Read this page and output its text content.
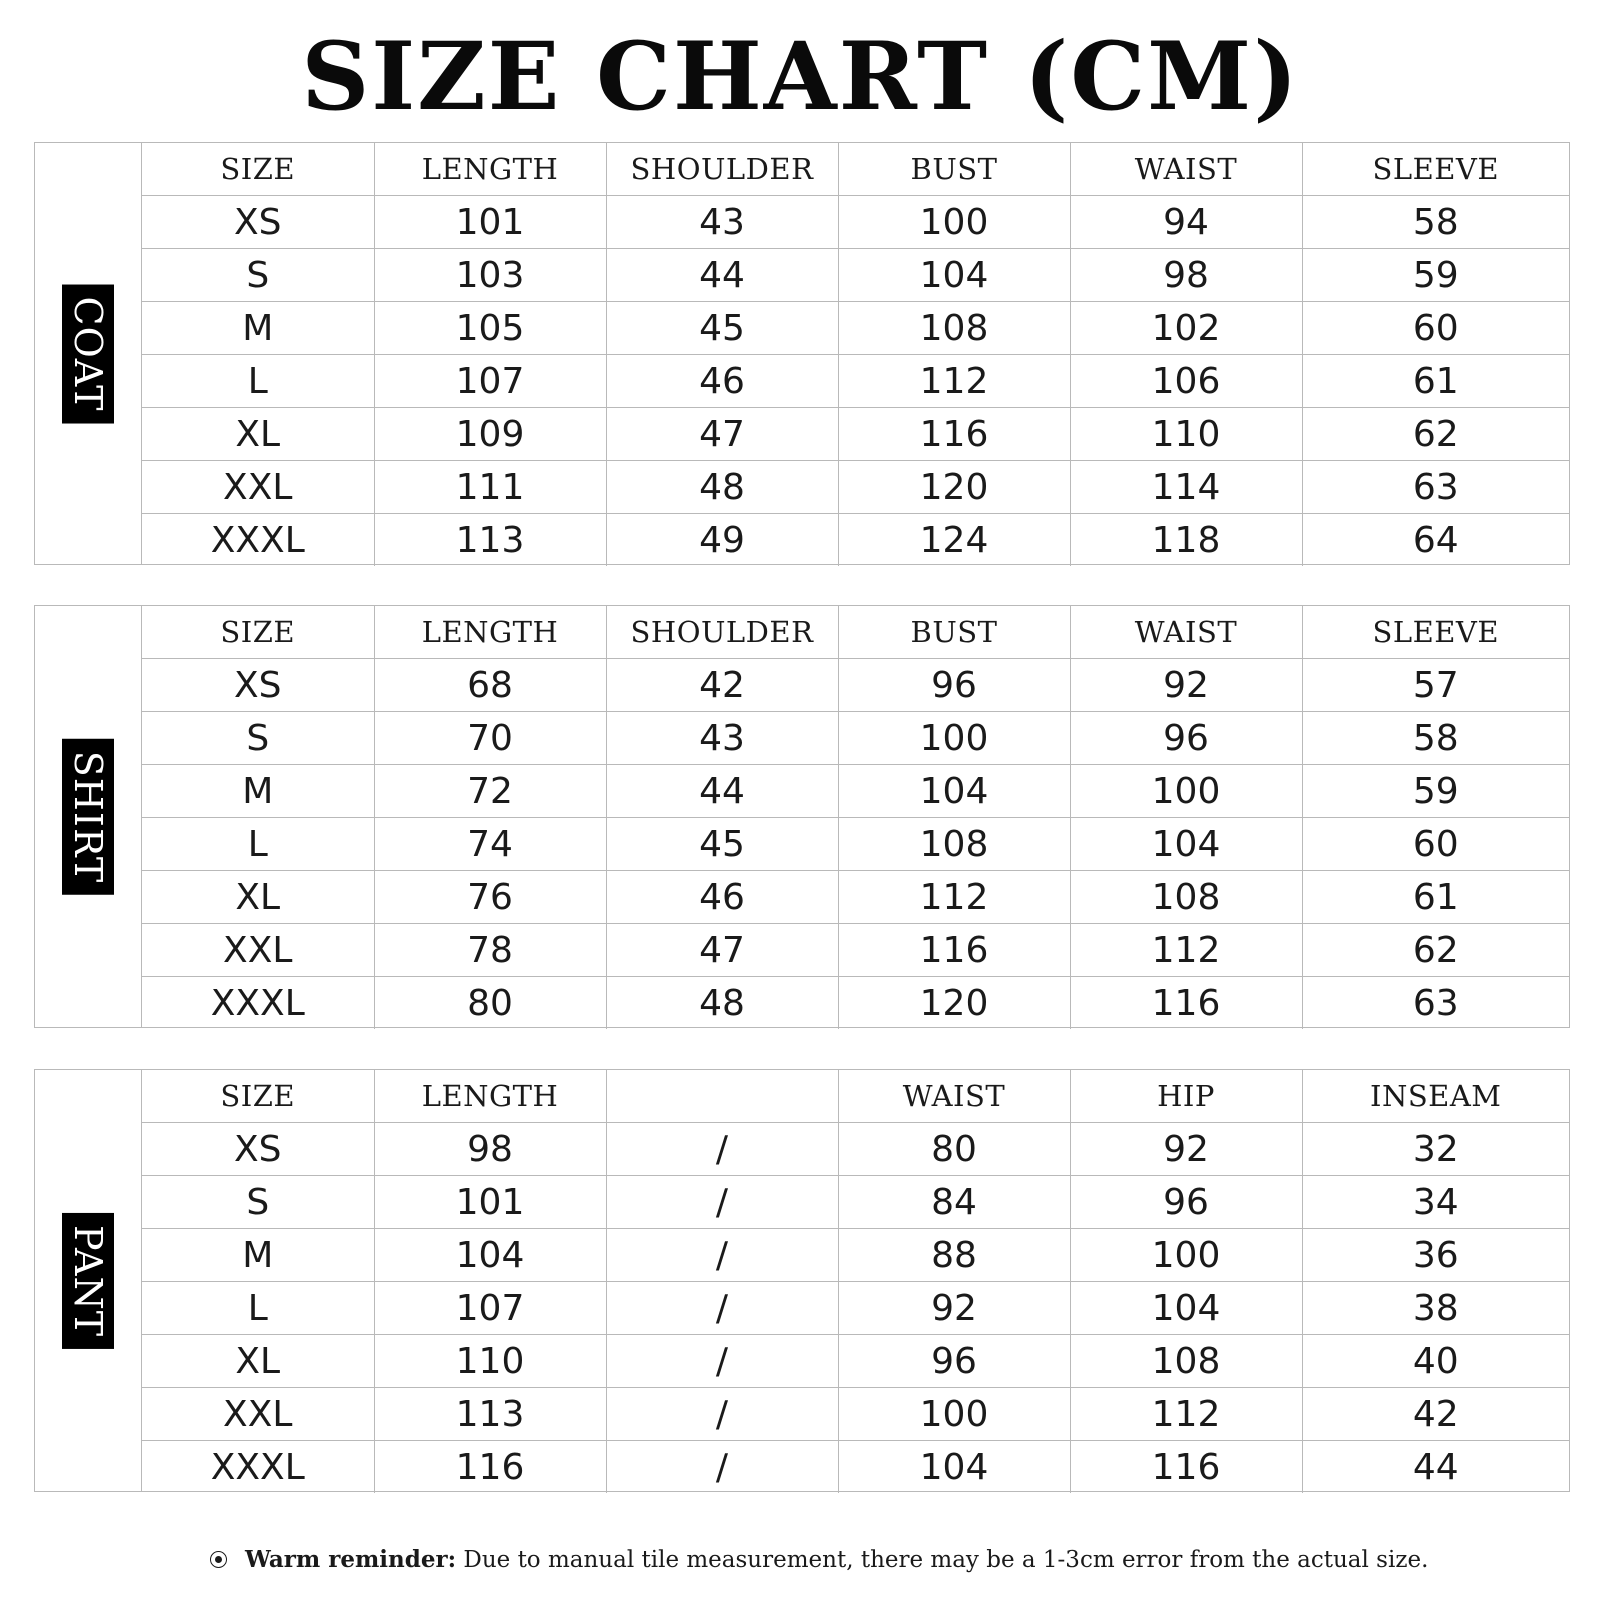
SIZE CHART (CM)
COAT
SIZE	LENGTH	SHOULDER	BUST	WAIST	SLEEVE
XS	101	43	100	94	58
S	103	44	104	98	59
M	105	45	108	102	60
L	107	46	112	106	61
XL	109	47	116	110	62
XXL	111	48	120	114	63
XXXL	113	49	124	118	64
SHIRT
SIZE	LENGTH	SHOULDER	BUST	WAIST	SLEEVE
XS	68	42	96	92	57
S	70	43	100	96	58
M	72	44	104	100	59
L	74	45	108	104	60
XL	76	46	112	108	61
XXL	78	47	116	112	62
XXXL	80	48	120	116	63
PANT
SIZE	LENGTH		WAIST	HIP	INSEAM
XS	98	/	80	92	32
S	101	/	84	96	34
M	104	/	88	100	36
L	107	/	92	104	38
XL	110	/	96	108	40
XXL	113	/	100	112	42
XXXL	116	/	104	116	44
Warm reminder: Due to manual tile measurement, there may be a 1-3cm error from the actual size.
